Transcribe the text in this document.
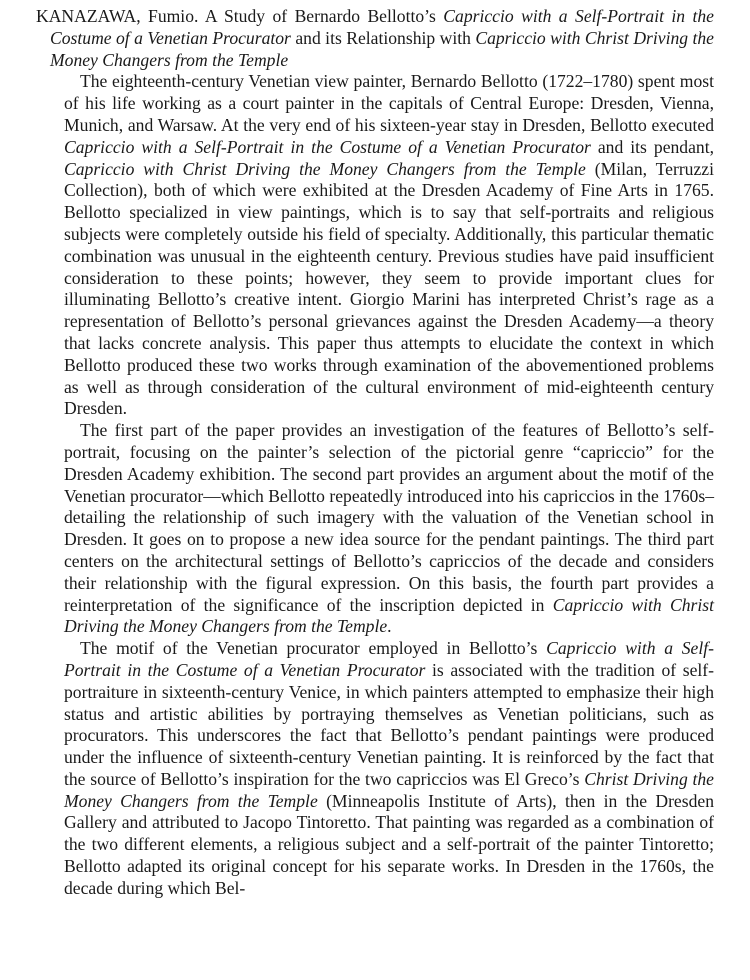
KANAZAWA, Fumio. A Study of Bernardo Bellotto’s Capriccio with a Self-Portrait in the Costume of a Venetian Procurator and its Relationship with Capriccio with Christ Driving the Money Changers from the Temple

The eighteenth-century Venetian view painter, Bernardo Bellotto (1722–1780) spent most of his life working as a court painter in the capitals of Central Europe: Dresden, Vienna, Munich, and Warsaw. At the very end of his sixteen-year stay in Dresden, Bellotto executed Capriccio with a Self-Portrait in the Costume of a Venetian Procurator and its pendant, Capriccio with Christ Driving the Money Changers from the Temple (Milan, Terruzzi Collection), both of which were exhibited at the Dresden Academy of Fine Arts in 1765. Bellotto specialized in view paintings, which is to say that self-portraits and religious subjects were completely outside his field of specialty. Additionally, this particular thematic combination was unusual in the eighteenth century. Previous studies have paid insufficient consideration to these points; however, they seem to provide important clues for illuminating Bellotto’s creative intent. Giorgio Marini has interpreted Christ’s rage as a representation of Bellotto’s personal grievances against the Dresden Academy—a theory that lacks concrete analysis. This paper thus attempts to elucidate the context in which Bellotto produced these two works through examination of the abovementioned problems as well as through consideration of the cultural environment of mid-eighteenth century Dresden.

The first part of the paper provides an investigation of the features of Bellotto’s self-portrait, focusing on the painter’s selection of the pictorial genre “capriccio” for the Dresden Academy exhibition. The second part provides an argument about the motif of the Venetian procurator—which Bellotto repeatedly introduced into his capriccios in the 1760s–detailing the relationship of such imagery with the valuation of the Venetian school in Dresden. It goes on to propose a new idea source for the pendant paintings. The third part centers on the architectural settings of Bellotto’s capriccios of the decade and considers their relationship with the figural expression. On this basis, the fourth part provides a reinterpretation of the significance of the inscription depicted in Capriccio with Christ Driving the Money Changers from the Temple.

The motif of the Venetian procurator employed in Bellotto’s Capriccio with a Self-Portrait in the Costume of a Venetian Procurator is associated with the tradition of self-portraiture in sixteenth-century Venice, in which painters attempted to emphasize their high status and artistic abilities by portraying themselves as Venetian politicians, such as procurators. This underscores the fact that Bellotto’s pendant paintings were produced under the influence of sixteenth-century Venetian painting. It is reinforced by the fact that the source of Bellotto’s inspiration for the two capriccios was El Greco’s Christ Driving the Money Changers from the Temple (Minneapolis Institute of Arts), then in the Dresden Gallery and attributed to Jacopo Tintoretto. That painting was regarded as a combination of the two different elements, a religious subject and a self-portrait of the painter Tintoretto; Bellotto adapted its original concept for his separate works. In Dresden in the 1760s, the decade during which Bel-
